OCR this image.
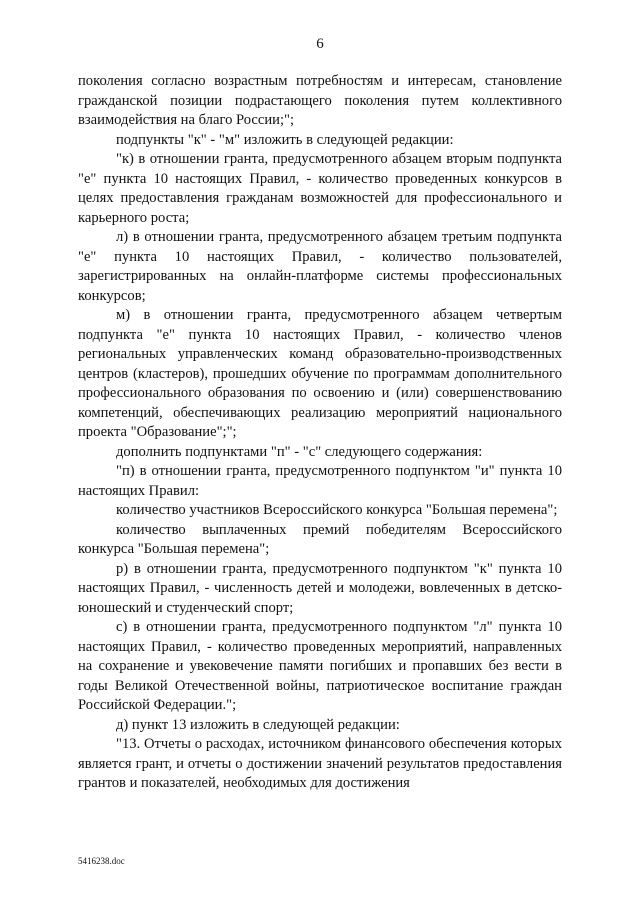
6

поколения согласно возрастным потребностям и интересам, становление гражданской позиции подрастающего поколения путем коллективного взаимодействия на благо России;";

подпункты "к" - "м" изложить в следующей редакции:

"к) в отношении гранта, предусмотренного абзацем вторым подпункта "е" пункта 10 настоящих Правил, - количество проведенных конкурсов в целях предоставления гражданам возможностей для профессионального и карьерного роста;

л) в отношении гранта, предусмотренного абзацем третьим подпункта "е" пункта 10 настоящих Правил, - количество пользователей, зарегистрированных на онлайн-платформе системы профессиональных конкурсов;

м) в отношении гранта, предусмотренного абзацем четвертым подпункта "е" пункта 10 настоящих Правил, - количество членов региональных управленческих команд образовательно-производственных центров (кластеров), прошедших обучение по программам дополнительного профессионального образования по освоению и (или) совершенствованию компетенций, обеспечивающих реализацию мероприятий национального проекта "Образование";";

дополнить подпунктами "п" - "с" следующего содержания:

"п) в отношении гранта, предусмотренного подпунктом "и" пункта 10 настоящих Правил:

количество участников Всероссийского конкурса "Большая перемена";

количество выплаченных премий победителям Всероссийского конкурса "Большая перемена";

р) в отношении гранта, предусмотренного подпунктом "к" пункта 10 настоящих Правил, - численность детей и молодежи, вовлеченных в детско-юношеский и студенческий спорт;

с) в отношении гранта, предусмотренного подпунктом "л" пункта 10 настоящих Правил, - количество проведенных мероприятий, направленных на сохранение и увековечение памяти погибших и пропавших без вести в годы Великой Отечественной войны, патриотическое воспитание граждан Российской Федерации.";

д) пункт 13 изложить в следующей редакции:

"13. Отчеты о расходах, источником финансового обеспечения которых является грант, и отчеты о достижении значений результатов предоставления грантов и показателей, необходимых для достижения

5416238.doc
